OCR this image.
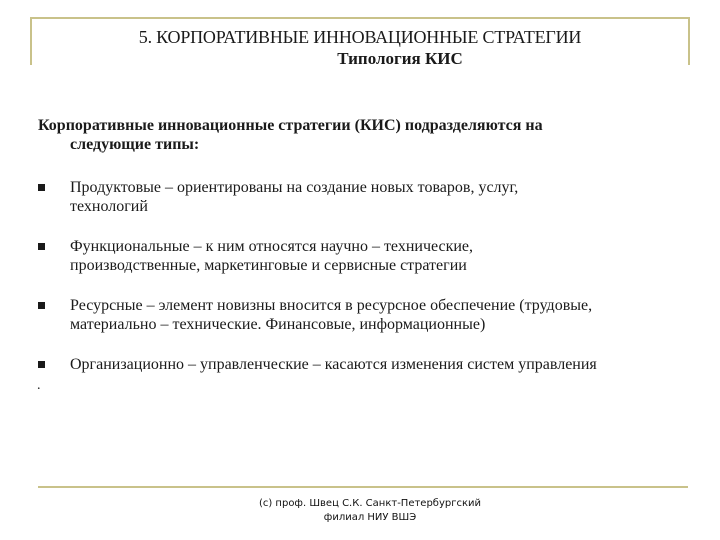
5. КОРПОРАТИВНЫЕ ИННОВАЦИОННЫЕ СТРАТЕГИИ
Типология КИС
Корпоративные инновационные стратегии (КИС) подразделяются на
следующие типы:
Продуктовые – ориентированы на создание новых товаров, услуг,
технологий
Функциональные – к ним относятся научно – технические,
производственные, маркетинговые и сервисные стратегии
Ресурсные – элемент новизны вносится в ресурсное обеспечение (трудовые,
материально – технические. Финансовые, информационные)
Организационно – управленческие – касаются изменения систем управления
.
(с) проф. Швец С.К. Санкт-Петербургский
филиал НИУ ВШЭ
